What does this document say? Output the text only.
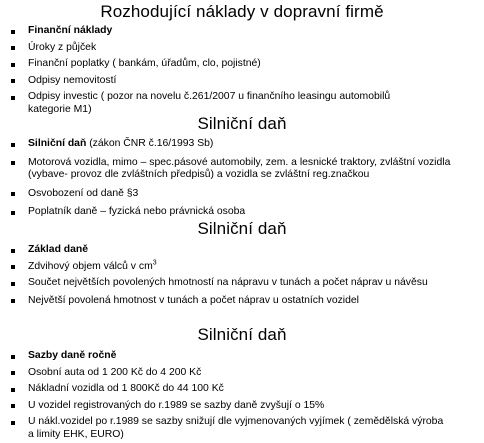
Rozhodující náklady v dopravní firmě
Finanční náklady
Úroky z půjček
Finanční poplatky ( bankám, úřadům, clo, pojistné)
Odpisy nemovitostí
Odpisy investic ( pozor na novelu č.261/2007 u finančního leasingu automobilů kategorie M1)
Silniční daň
Silniční daň (zákon ČNR č.16/1993 Sb)
Motorová vozidla, mimo – spec.pásové automobily, zem. a lesnické traktory, zvláštní vozidla (vybave- provoz dle zvláštních předpisů) a vozidla se zvláštní reg.značkou
Osvobození od daně §3
Poplatník daně – fyzická nebo právnická osoba
Silniční daň
Základ daně
Zdvihový objem válců v $cm^3$
Součet největších povolených hmotností na nápravu v tunách a počet náprav u návěsu
Největší povolená hmotnost v tunách a počet náprav u ostatních vozidel
Silniční daň
Sazby daně ročně
Osobní auta od 1 200 Kč do 4 200 Kč
Nákladní vozidla od 1 800Kč do 44 100 Kč
U vozidel registrovaných do r.1989 se sazby daně zvyšují o 15%
U nákl.vozidel po r.1989 se sazby snižují dle vyjmenovaných vyjímek ( zemědělská výroba a limity EHK, EURO)
